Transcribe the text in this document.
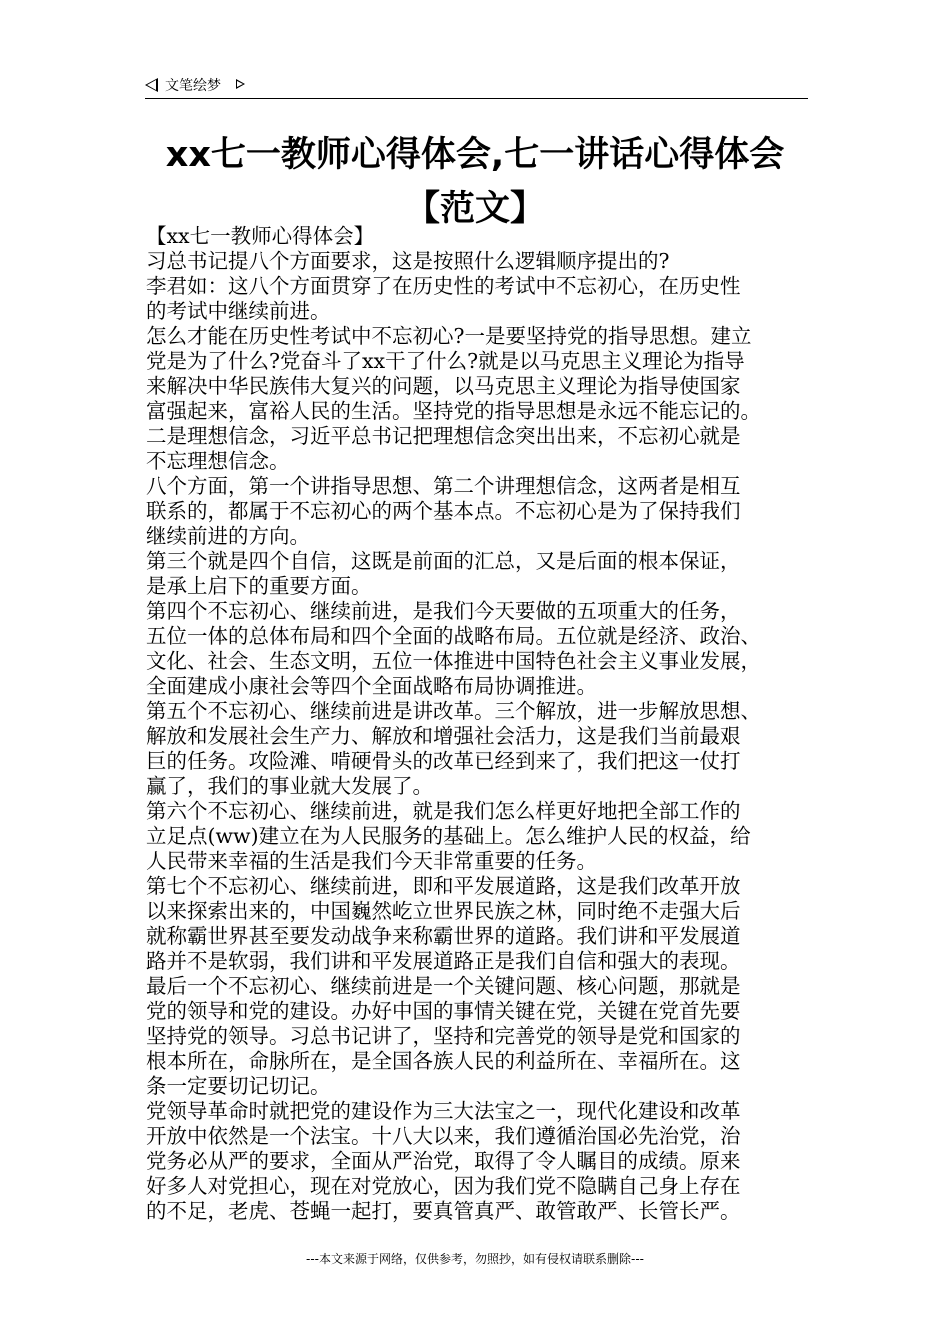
文笔绘梦
xx七一教师心得体会,七一讲话心得体会
【范文】
【xx七一教师心得体会】
习总书记提八个方面要求，这是按照什么逻辑顺序提出的?
李君如：这八个方面贯穿了在历史性的考试中不忘初心，在历史性
的考试中继续前进。
怎么才能在历史性考试中不忘初心?一是要坚持党的指导思想。建立
党是为了什么?党奋斗了xx干了什么?就是以马克思主义理论为指导
来解决中华民族伟大复兴的问题，以马克思主义理论为指导使国家
富强起来，富裕人民的生活。坚持党的指导思想是永远不能忘记的。
二是理想信念，习近平总书记把理想信念突出出来，不忘初心就是
不忘理想信念。
八个方面，第一个讲指导思想、第二个讲理想信念，这两者是相互
联系的，都属于不忘初心的两个基本点。不忘初心是为了保持我们
继续前进的方向。
第三个就是四个自信，这既是前面的汇总，又是后面的根本保证，
是承上启下的重要方面。
第四个不忘初心、继续前进，是我们今天要做的五项重大的任务，
五位一体的总体布局和四个全面的战略布局。五位就是经济、政治、
文化、社会、生态文明，五位一体推进中国特色社会主义事业发展，
全面建成小康社会等四个全面战略布局协调推进。
第五个不忘初心、继续前进是讲改革。三个解放，进一步解放思想、
解放和发展社会生产力、解放和增强社会活力，这是我们当前最艰
巨的任务。攻险滩、啃硬骨头的改革已经到来了，我们把这一仗打
赢了，我们的事业就大发展了。
第六个不忘初心、继续前进，就是我们怎么样更好地把全部工作的
立足点(ww)建立在为人民服务的基础上。怎么维护人民的权益，给
人民带来幸福的生活是我们今天非常重要的任务。
第七个不忘初心、继续前进，即和平发展道路，这是我们改革开放
以来探索出来的，中国巍然屹立世界民族之林，同时绝不走强大后
就称霸世界甚至要发动战争来称霸世界的道路。我们讲和平发展道
路并不是软弱，我们讲和平发展道路正是我们自信和强大的表现。
最后一个不忘初心、继续前进是一个关键问题、核心问题，那就是
党的领导和党的建设。办好中国的事情关键在党，关键在党首先要
坚持党的领导。习总书记讲了，坚持和完善党的领导是党和国家的
根本所在，命脉所在，是全国各族人民的利益所在、幸福所在。这
条一定要切记切记。
党领导革命时就把党的建设作为三大法宝之一，现代化建设和改革
开放中依然是一个法宝。十八大以来，我们遵循治国必先治党，治
党务必从严的要求，全面从严治党，取得了令人瞩目的成绩。原来
好多人对党担心，现在对党放心，因为我们党不隐瞒自己身上存在
的不足，老虎、苍蝇一起打，要真管真严、敢管敢严、长管长严。
---本文来源于网络，仅供参考，勿照抄，如有侵权请联系删除---
